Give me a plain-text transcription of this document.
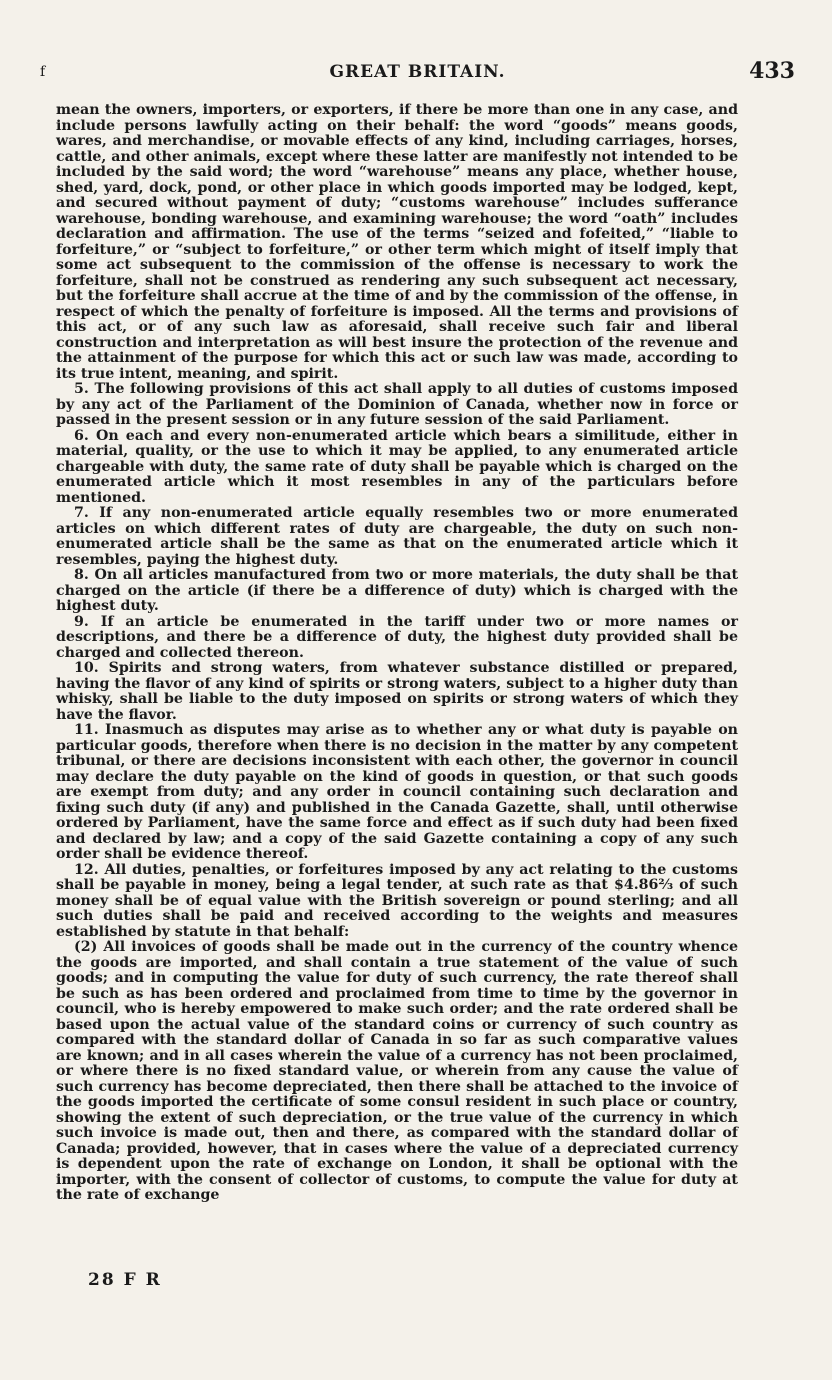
f	GREAT BRITAIN.	433

mean the owners, importers, or exporters, if there be more than one in any case, and include persons lawfully acting on their behalf: the word “goods” means goods, wares, and merchandise, or movable effects of any kind, including carriages, horses, cattle, and other animals, except where these latter are manifestly not intended to be included by the said word; the word “warehouse” means any place, whether house, shed, yard, dock, pond, or other place in which goods imported may be lodged, kept, and secured without payment of duty; “customs warehouse” includes sufferance warehouse, bonding warehouse, and examining warehouse; the word “oath” includes declaration and affirmation. The use of the terms “seized and fofeited,” “liable to forfeiture,” or “subject to forfeiture,” or other term which might of itself imply that some act subsequent to the commission of the offense is necessary to work the forfeiture, shall not be construed as rendering any such subsequent act necessary, but the forfeiture shall accrue at the time of and by the commission of the offense, in respect of which the penalty of forfeiture is imposed. All the terms and provisions of this act, or of any such law as aforesaid, shall receive such fair and liberal construction and interpretation as will best insure the protection of the revenue and the attainment of the purpose for which this act or such law was made, according to its true intent, meaning, and spirit.

5. The following provisions of this act shall apply to all duties of customs imposed by any act of the Parliament of the Dominion of Canada, whether now in force or passed in the present session or in any future session of the said Parliament.

6. On each and every non-enumerated article which bears a similitude, either in material, quality, or the use to which it may be applied, to any enumerated article chargeable with duty, the same rate of duty shall be payable which is charged on the enumerated article which it most resembles in any of the particulars before mentioned.

7. If any non-enumerated article equally resembles two or more enumerated articles on which different rates of duty are chargeable, the duty on such non-enumerated article shall be the same as that on the enumerated article which it resembles, paying the highest duty.

8. On all articles manufactured from two or more materials, the duty shall be that charged on the article (if there be a difference of duty) which is charged with the highest duty.

9. If an article be enumerated in the tariff under two or more names or descriptions, and there be a difference of duty, the highest duty provided shall be charged and collected thereon.

10. Spirits and strong waters, from whatever substance distilled or prepared, having the flavor of any kind of spirits or strong waters, subject to a higher duty than whisky, shall be liable to the duty imposed on spirits or strong waters of which they have the flavor.

11. Inasmuch as disputes may arise as to whether any or what duty is payable on particular goods, therefore when there is no decision in the matter by any competent tribunal, or there are decisions inconsistent with each other, the governor in council may declare the duty payable on the kind of goods in question, or that such goods are exempt from duty; and any order in council containing such declaration and fixing such duty (if any) and published in the Canada Gazette, shall, until otherwise ordered by Parliament, have the same force and effect as if such duty had been fixed and declared by law; and a copy of the said Gazette containing a copy of any such order shall be evidence thereof.

12. All duties, penalties, or forfeitures imposed by any act relating to the customs shall be payable in money, being a legal tender, at such rate as that $4.86⅔ of such money shall be of equal value with the British sovereign or pound sterling; and all such duties shall be paid and received according to the weights and measures established by statute in that behalf:

(2) All invoices of goods shall be made out in the currency of the country whence the goods are imported, and shall contain a true statement of the value of such goods; and in computing the value for duty of such currency, the rate thereof shall be such as has been ordered and proclaimed from time to time by the governor in council, who is hereby empowered to make such order; and the rate ordered shall be based upon the actual value of the standard coins or currency of such country as compared with the standard dollar of Canada in so far as such comparative values are known; and in all cases wherein the value of a currency has not been proclaimed, or where there is no fixed standard value, or wherein from any cause the value of such currency has become depreciated, then there shall be attached to the invoice of the goods imported the certificate of some consul resident in such place or country, showing the extent of such depreciation, or the true value of the currency in which such invoice is made out, then and there, as compared with the standard dollar of Canada; provided, however, that in cases where the value of a depreciated currency is dependent upon the rate of exchange on London, it shall be optional with the importer, with the consent of collector of customs, to compute the value for duty at the rate of exchange

28 F R
